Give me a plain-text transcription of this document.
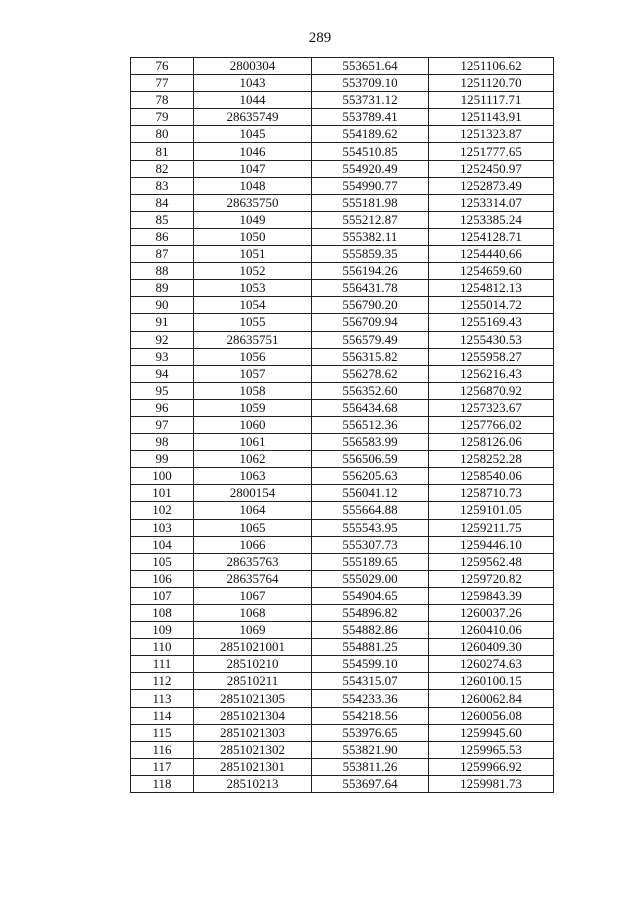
289
76	2800304	553651.64	1251106.62
77	1043	553709.10	1251120.70
78	1044	553731.12	1251117.71
79	28635749	553789.41	1251143.91
80	1045	554189.62	1251323.87
81	1046	554510.85	1251777.65
82	1047	554920.49	1252450.97
83	1048	554990.77	1252873.49
84	28635750	555181.98	1253314.07
85	1049	555212.87	1253385.24
86	1050	555382.11	1254128.71
87	1051	555859.35	1254440.66
88	1052	556194.26	1254659.60
89	1053	556431.78	1254812.13
90	1054	556790.20	1255014.72
91	1055	556709.94	1255169.43
92	28635751	556579.49	1255430.53
93	1056	556315.82	1255958.27
94	1057	556278.62	1256216.43
95	1058	556352.60	1256870.92
96	1059	556434.68	1257323.67
97	1060	556512.36	1257766.02
98	1061	556583.99	1258126.06
99	1062	556506.59	1258252.28
100	1063	556205.63	1258540.06
101	2800154	556041.12	1258710.73
102	1064	555664.88	1259101.05
103	1065	555543.95	1259211.75
104	1066	555307.73	1259446.10
105	28635763	555189.65	1259562.48
106	28635764	555029.00	1259720.82
107	1067	554904.65	1259843.39
108	1068	554896.82	1260037.26
109	1069	554882.86	1260410.06
110	2851021001	554881.25	1260409.30
111	28510210	554599.10	1260274.63
112	28510211	554315.07	1260100.15
113	2851021305	554233.36	1260062.84
114	2851021304	554218.56	1260056.08
115	2851021303	553976.65	1259945.60
116	2851021302	553821.90	1259965.53
117	2851021301	553811.26	1259966.92
118	28510213	553697.64	1259981.73
